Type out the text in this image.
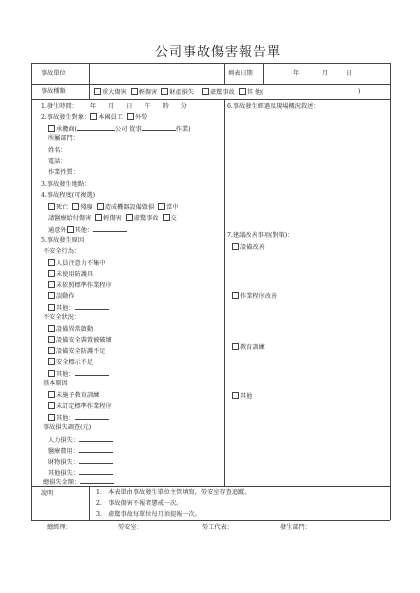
公司事故傷害報告單
事故單位	填表日期	年	月	日
事故種類	重大傷害 輕傷害 財產損失	虛驚事故 其 他(	)
1.發生時間： 年 月 日 午 時 分
2.事故發生對象： 本國員工 外勞
承攬商(	公司 從事	作業)
所屬部門：
姓名：
電話：
作業性質：
3.事故發生地點：
4.事故程度(可複選)
死亡 殘廢 造成機器設備毀損 當中
請醫療給付傷害 輕傷害 虛驚事故 交
通意外 其他：
5.事故發生原因
不安全行為：
人員注意力不集中
未使用防護具
未依照標準作業程序
誤動作
其他：
不安全狀況：
設備異常啟動
設備安全裝置被破壞
設備安全防護不足
安全標示不足
其他：
基本原因
未施予教育訓練
未訂定標準作業程序
其他：
事故損失調查(元)
人力損失：
醫療費用：
財物損失：
其他損失：
總損失金額：
6.事故發生經過及現場概況敘述：
7.建議改善事項(對策)：
設備改善
作業程序改善
教育訓練
其他
說明	1.　本表單由事故發生單位主管填寫，勞安室存查追蹤。
2.　事故傷害不報者懲戒一次。
3.　虛驚事故每單位每月須提報一次。
總經理：	勞安室：	勞工代表：	發生部門：
